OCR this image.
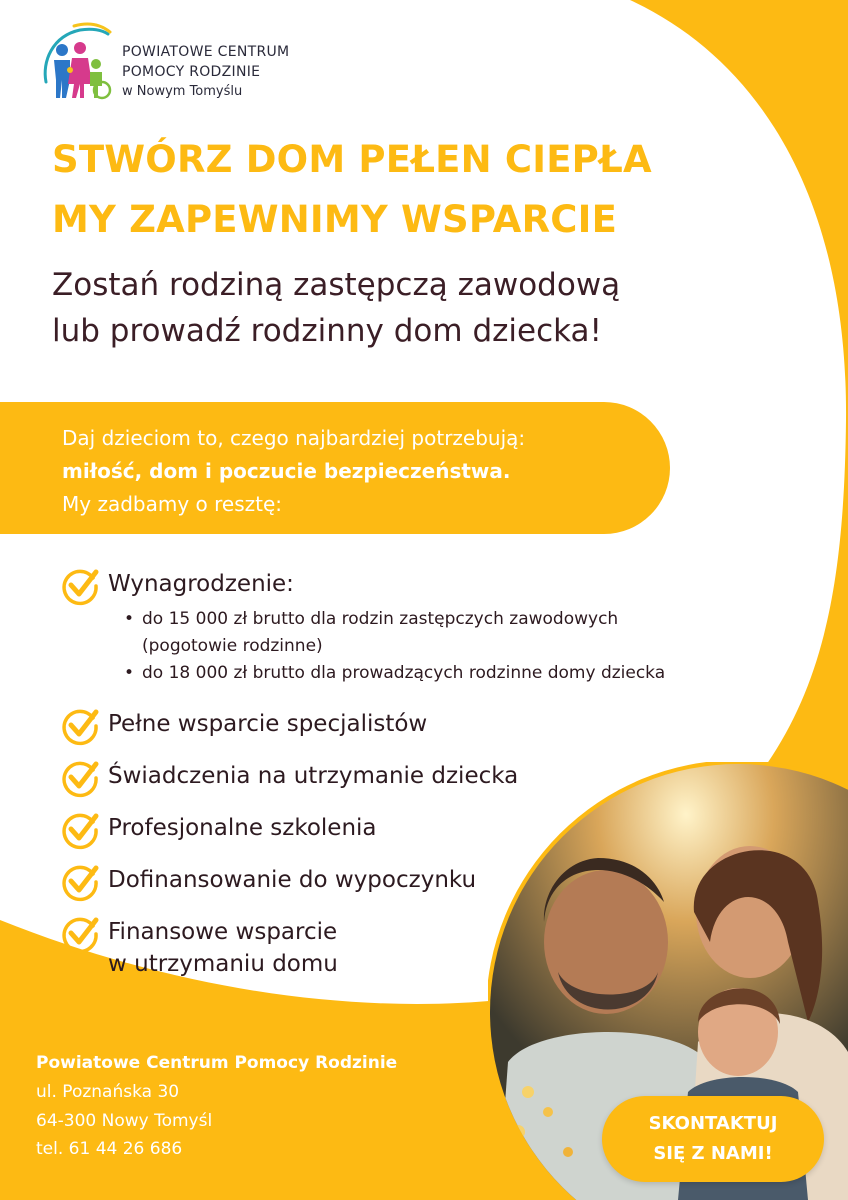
POWIATOWE CENTRUM
POMOCY RODZINIE
w Nowym Tomyślu
STWÓRZ DOM PEŁEN CIEPŁA
MY ZAPEWNIMY WSPARCIE
Zostań rodziną zastępczą zawodową
lub prowadź rodzinny dom dziecka!
Daj dzieciom to, czego najbardziej potrzebują:
miłość, dom i poczucie bezpieczeństwa.
My zadbamy o resztę:
Wynagrodzenie:
Pełne wsparcie specjalistów
Świadczenia na utrzymanie dziecka
Profesjonalne szkolenia
Dofinansowanie do wypoczynku
Finansowe wsparcie
w utrzymaniu domu
• do 15 000 zł brutto dla rodzin zastępczych zawodowych
(pogotowie rodzinne)
• do 18 000 zł brutto dla prowadzących rodzinne domy dziecka
Powiatowe Centrum Pomocy Rodzinie
ul. Poznańska 30
64-300 Nowy Tomyśl
tel. 61 44 26 686
SKONTAKTUJ
SIĘ Z NAMI!
